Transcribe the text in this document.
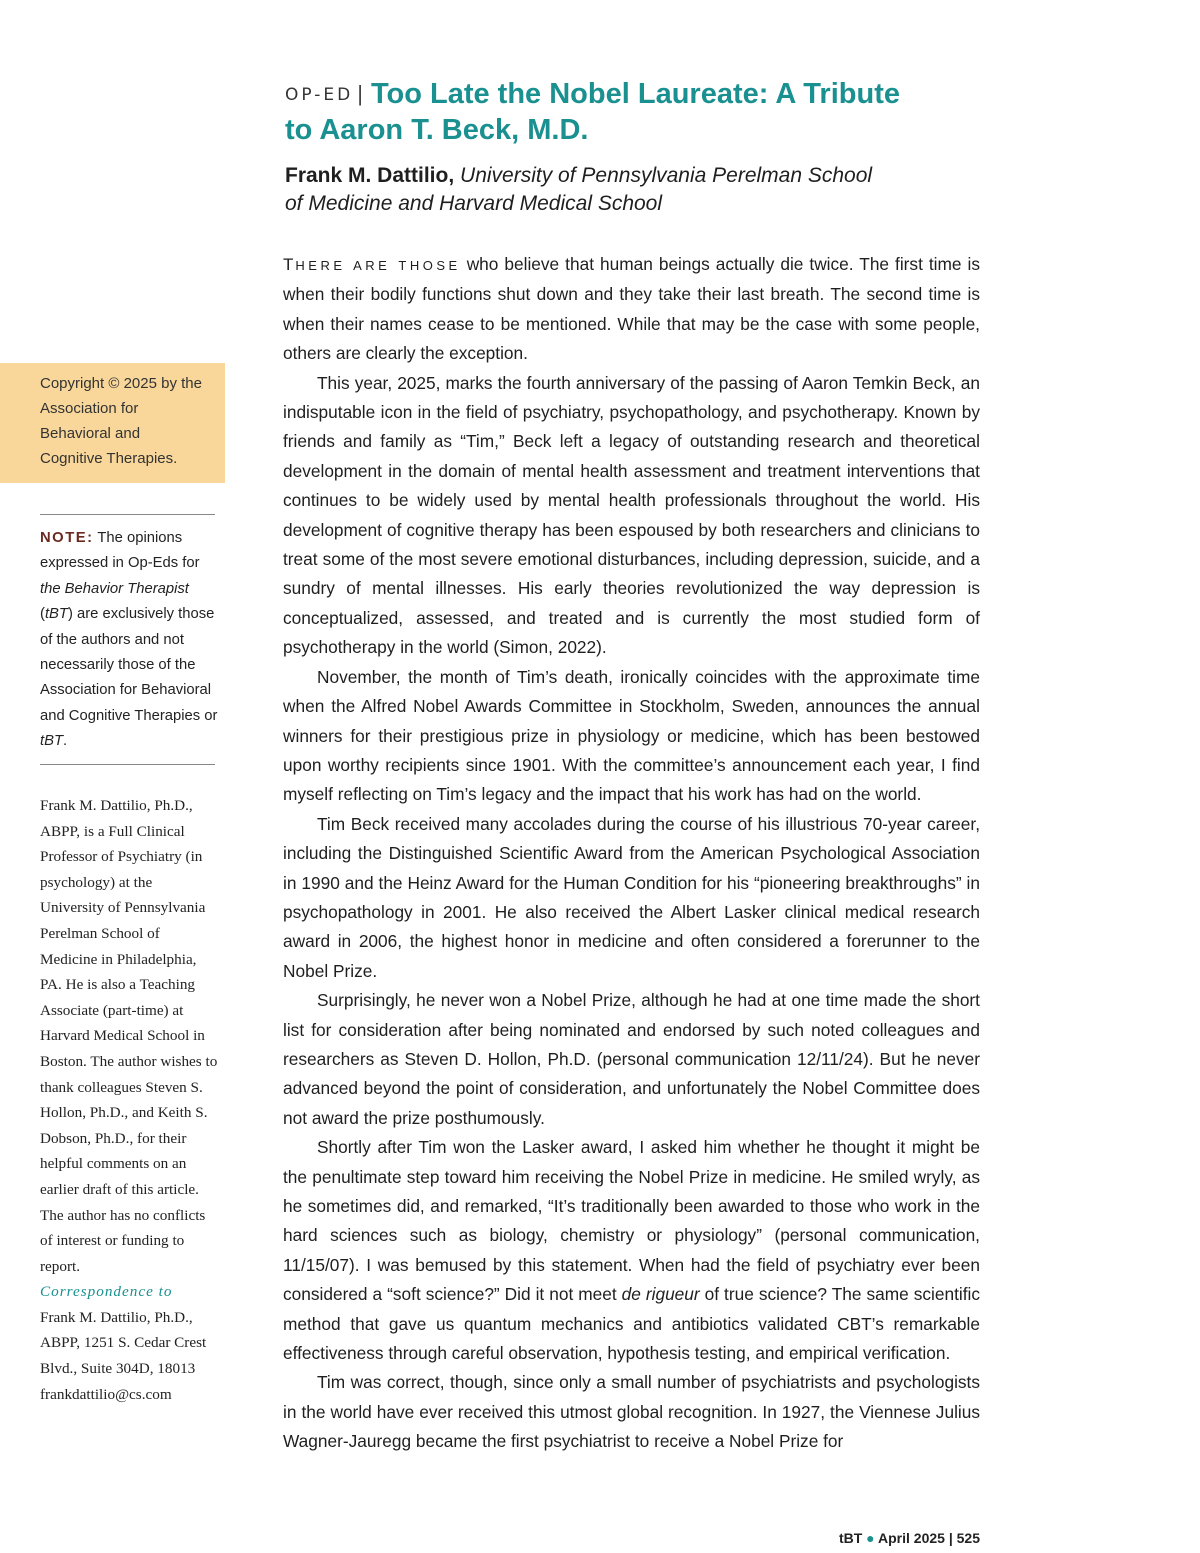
OP-ED | Too Late the Nobel Laureate: A Tribute
to Aaron T. Beck, M.D.
Frank M. Dattilio, University of Pennsylvania Perelman School
of Medicine and Harvard Medical School
Copyright © 2025 by the Association for Behavioral and Cognitive Therapies.
NOTE: The opinions expressed in Op-Eds for the Behavior Therapist (tBT) are exclusively those of the authors and not necessarily those of the Association for Behavioral and Cognitive Therapies or tBT.
Frank M. Dattilio, Ph.D., ABPP, is a Full Clinical Professor of Psychiatry (in psychology) at the University of Pennsylvania Perelman School of Medicine in Philadelphia, PA. He is also a Teaching Associate (part-time) at Harvard Medical School in Boston. The author wishes to thank colleagues Steven S. Hollon, Ph.D., and Keith S. Dobson, Ph.D., for their helpful comments on an earlier draft of this article. The author has no conflicts of interest or funding to report.
Correspondence to
Frank M. Dattilio, Ph.D., ABPP, 1251 S. Cedar Crest Blvd., Suite 304D, 18013 frankdattilio@cs.com

THERE ARE THOSE who believe that human beings actually die twice. The first time is when their bodily functions shut down and they take their last breath. The second time is when their names cease to be mentioned. While that may be the case with some people, others are clearly the exception.

This year, 2025, marks the fourth anniversary of the passing of Aaron Temkin Beck, an indisputable icon in the field of psychiatry, psychopathology, and psychotherapy. Known by friends and family as “Tim,” Beck left a legacy of outstanding research and theoretical development in the domain of mental health assessment and treatment interventions that continues to be widely used by mental health professionals throughout the world. His development of cognitive therapy has been espoused by both researchers and clinicians to treat some of the most severe emotional disturbances, including depression, suicide, and a sundry of mental illnesses. His early theories revolutionized the way depression is conceptualized, assessed, and treated and is currently the most studied form of psychotherapy in the world (Simon, 2022).

November, the month of Tim’s death, ironically coincides with the approximate time when the Alfred Nobel Awards Committee in Stockholm, Sweden, announces the annual winners for their prestigious prize in physiology or medicine, which has been bestowed upon worthy recipients since 1901. With the committee’s announcement each year, I find myself reflecting on Tim’s legacy and the impact that his work has had on the world.

Tim Beck received many accolades during the course of his illustrious 70-year career, including the Distinguished Scientific Award from the American Psychological Association in 1990 and the Heinz Award for the Human Condition for his “pioneering breakthroughs” in psychopathology in 2001. He also received the Albert Lasker clinical medical research award in 2006, the highest honor in medicine and often considered a forerunner to the Nobel Prize.

Surprisingly, he never won a Nobel Prize, although he had at one time made the short list for consideration after being nominated and endorsed by such noted colleagues and researchers as Steven D. Hollon, Ph.D. (personal communication 12/11/24). But he never advanced beyond the point of consideration, and unfortunately the Nobel Committee does not award the prize posthumously.

Shortly after Tim won the Lasker award, I asked him whether he thought it might be the penultimate step toward him receiving the Nobel Prize in medicine. He smiled wryly, as he sometimes did, and remarked, “It’s traditionally been awarded to those who work in the hard sciences such as biology, chemistry or physiology” (personal communication, 11/15/07). I was bemused by this statement. When had the field of psychiatry ever been considered a “soft science?” Did it not meet de rigueur of true science? The same scientific method that gave us quantum mechanics and antibiotics validated CBT’s remarkable effectiveness through careful observation, hypothesis testing, and empirical verification.

Tim was correct, though, since only a small number of psychiatrists and psychologists in the world have ever received this utmost global recognition. In 1927, the Viennese Julius Wagner-Jauregg became the first psychiatrist to receive a Nobel Prize for

tBT ● April 2025 | 525
